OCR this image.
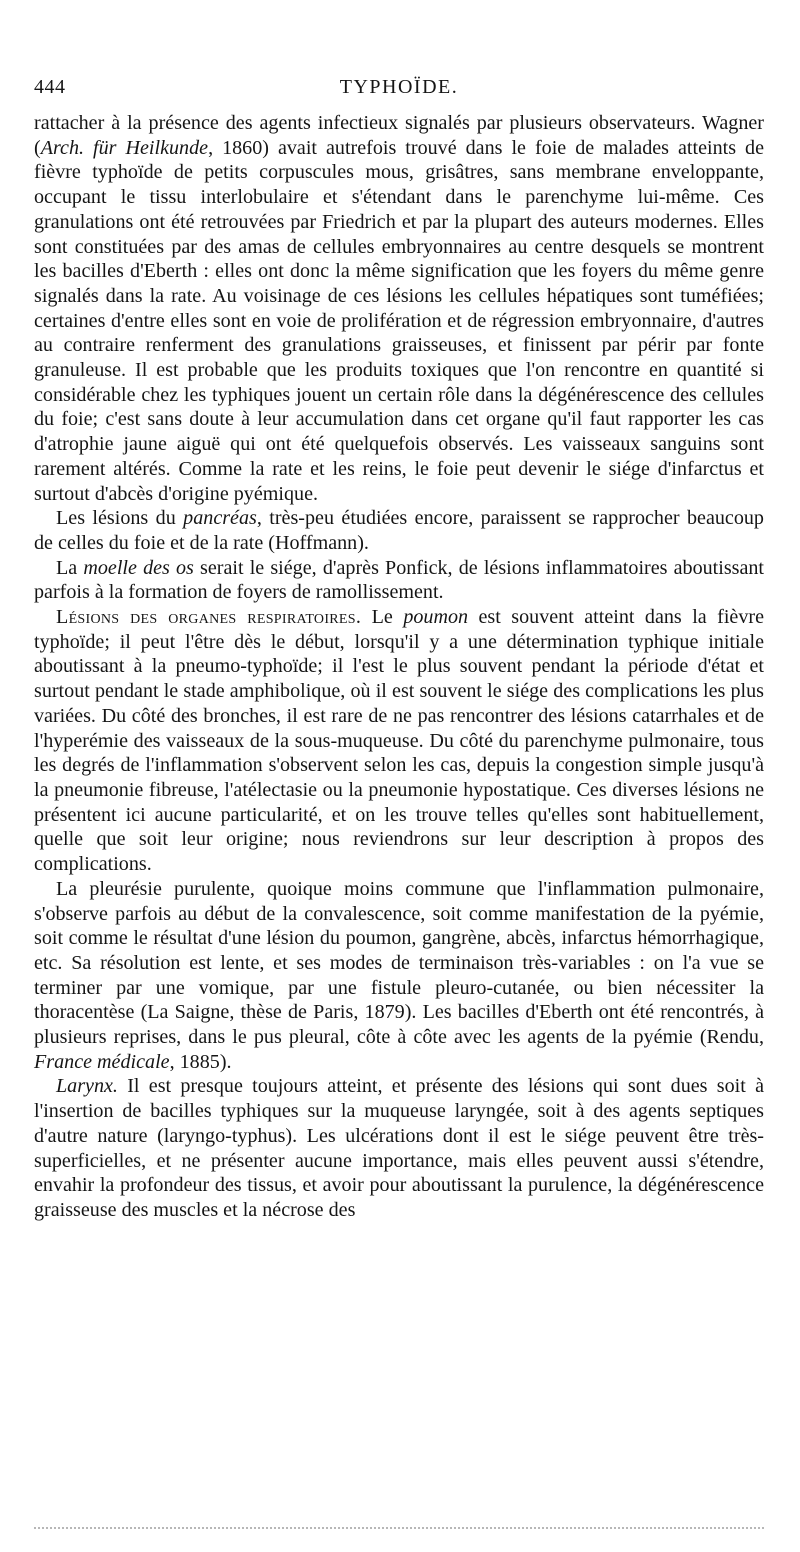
444	TYPHOÏDE.

rattacher à la présence des agents infectieux signalés par plusieurs observateurs. Wagner (Arch. für Heilkunde, 1860) avait autrefois trouvé dans le foie de malades atteints de fièvre typhoïde de petits corpuscules mous, grisâtres, sans membrane enveloppante, occupant le tissu interlobulaire et s'étendant dans le parenchyme lui-même. Ces granulations ont été retrouvées par Friedrich et par la plupart des auteurs modernes. Elles sont constituées par des amas de cellules embryonnaires au centre desquels se montrent les bacilles d'Eberth : elles ont donc la même signification que les foyers du même genre signalés dans la rate. Au voisinage de ces lésions les cellules hépatiques sont tuméfiées; certaines d'entre elles sont en voie de prolifération et de régression embryonnaire, d'autres au contraire renferment des granulations graisseuses, et finissent par périr par fonte granuleuse. Il est probable que les produits toxiques que l'on rencontre en quantité si considérable chez les typhiques jouent un certain rôle dans la dégénérescence des cellules du foie; c'est sans doute à leur accumulation dans cet organe qu'il faut rapporter les cas d'atrophie jaune aiguë qui ont été quelquefois observés. Les vaisseaux sanguins sont rarement altérés. Comme la rate et les reins, le foie peut devenir le siége d'infarctus et surtout d'abcès d'origine pyémique.

Les lésions du pancréas, très-peu étudiées encore, paraissent se rapprocher beaucoup de celles du foie et de la rate (Hoffmann).

La moelle des os serait le siége, d'après Ponfick, de lésions inflammatoires aboutissant parfois à la formation de foyers de ramollissement.

Lésions des organes respiratoires. Le poumon est souvent atteint dans la fièvre typhoïde; il peut l'être dès le début, lorsqu'il y a une détermination typhique initiale aboutissant à la pneumo-typhoïde; il l'est le plus souvent pendant la période d'état et surtout pendant le stade amphibolique, où il est souvent le siége des complications les plus variées. Du côté des bronches, il est rare de ne pas rencontrer des lésions catarrhales et de l'hyperémie des vaisseaux de la sous-muqueuse. Du côté du parenchyme pulmonaire, tous les degrés de l'inflammation s'observent selon les cas, depuis la congestion simple jusqu'à la pneumonie fibreuse, l'atélectasie ou la pneumonie hypostatique. Ces diverses lésions ne présentent ici aucune particularité, et on les trouve telles qu'elles sont habituellement, quelle que soit leur origine; nous reviendrons sur leur description à propos des complications.

La pleurésie purulente, quoique moins commune que l'inflammation pulmonaire, s'observe parfois au début de la convalescence, soit comme manifestation de la pyémie, soit comme le résultat d'une lésion du poumon, gangrène, abcès, infarctus hémorrhagique, etc. Sa résolution est lente, et ses modes de terminaison très-variables : on l'a vue se terminer par une vomique, par une fistule pleuro-cutanée, ou bien nécessiter la thoracentèse (La Saigne, thèse de Paris, 1879). Les bacilles d'Eberth ont été rencontrés, à plusieurs reprises, dans le pus pleural, côte à côte avec les agents de la pyémie (Rendu, France médicale, 1885).

Larynx. Il est presque toujours atteint, et présente des lésions qui sont dues soit à l'insertion de bacilles typhiques sur la muqueuse laryngée, soit à des agents septiques d'autre nature (laryngo-typhus). Les ulcérations dont il est le siége peuvent être très-superficielles, et ne présenter aucune importance, mais elles peuvent aussi s'étendre, envahir la profondeur des tissus, et avoir pour aboutissant la purulence, la dégénérescence graisseuse des muscles et la nécrose des
